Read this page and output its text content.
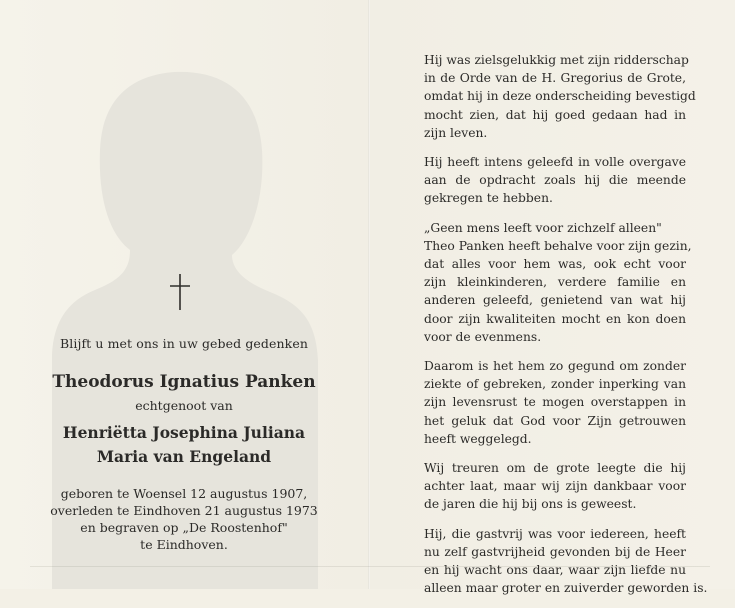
Blijft u met ons in uw gebed gedenken
Theodorus Ignatius Panken
echtgenoot van
Henriëtta Josephina Juliana
Maria van Engeland
geboren te Woensel 12 augustus 1907,
overleden te Eindhoven 21 augustus 1973
en begraven op „De Roostenhof"
te Eindhoven.

Hij was zielsgelukkig met zijn ridderschap
in de Orde van de H. Gregorius de Grote,
omdat hij in deze onderscheiding bevestigd
mocht zien, dat hij goed gedaan had in
zijn leven.

Hij heeft intens geleefd in volle overgave
aan de opdracht zoals hij die meende
gekregen te hebben.

„Geen mens leeft voor zichzelf alleen"
Theo Panken heeft behalve voor zijn gezin,
dat alles voor hem was, ook echt voor
zijn kleinkinderen, verdere familie en
anderen geleefd, genietend van wat hij
door zijn kwaliteiten mocht en kon doen
voor de evenmens.

Daarom is het hem zo gegund om zonder
ziekte of gebreken, zonder inperking van
zijn levensrust te mogen overstappen in
het geluk dat God voor Zijn getrouwen
heeft weggelegd.

Wij treuren om de grote leegte die hij
achter laat, maar wij zijn dankbaar voor
de jaren die hij bij ons is geweest.

Hij, die gastvrij was voor iedereen, heeft
nu zelf gastvrijheid gevonden bij de Heer
en hij wacht ons daar, waar zijn liefde nu
alleen maar groter en zuiverder geworden is.
